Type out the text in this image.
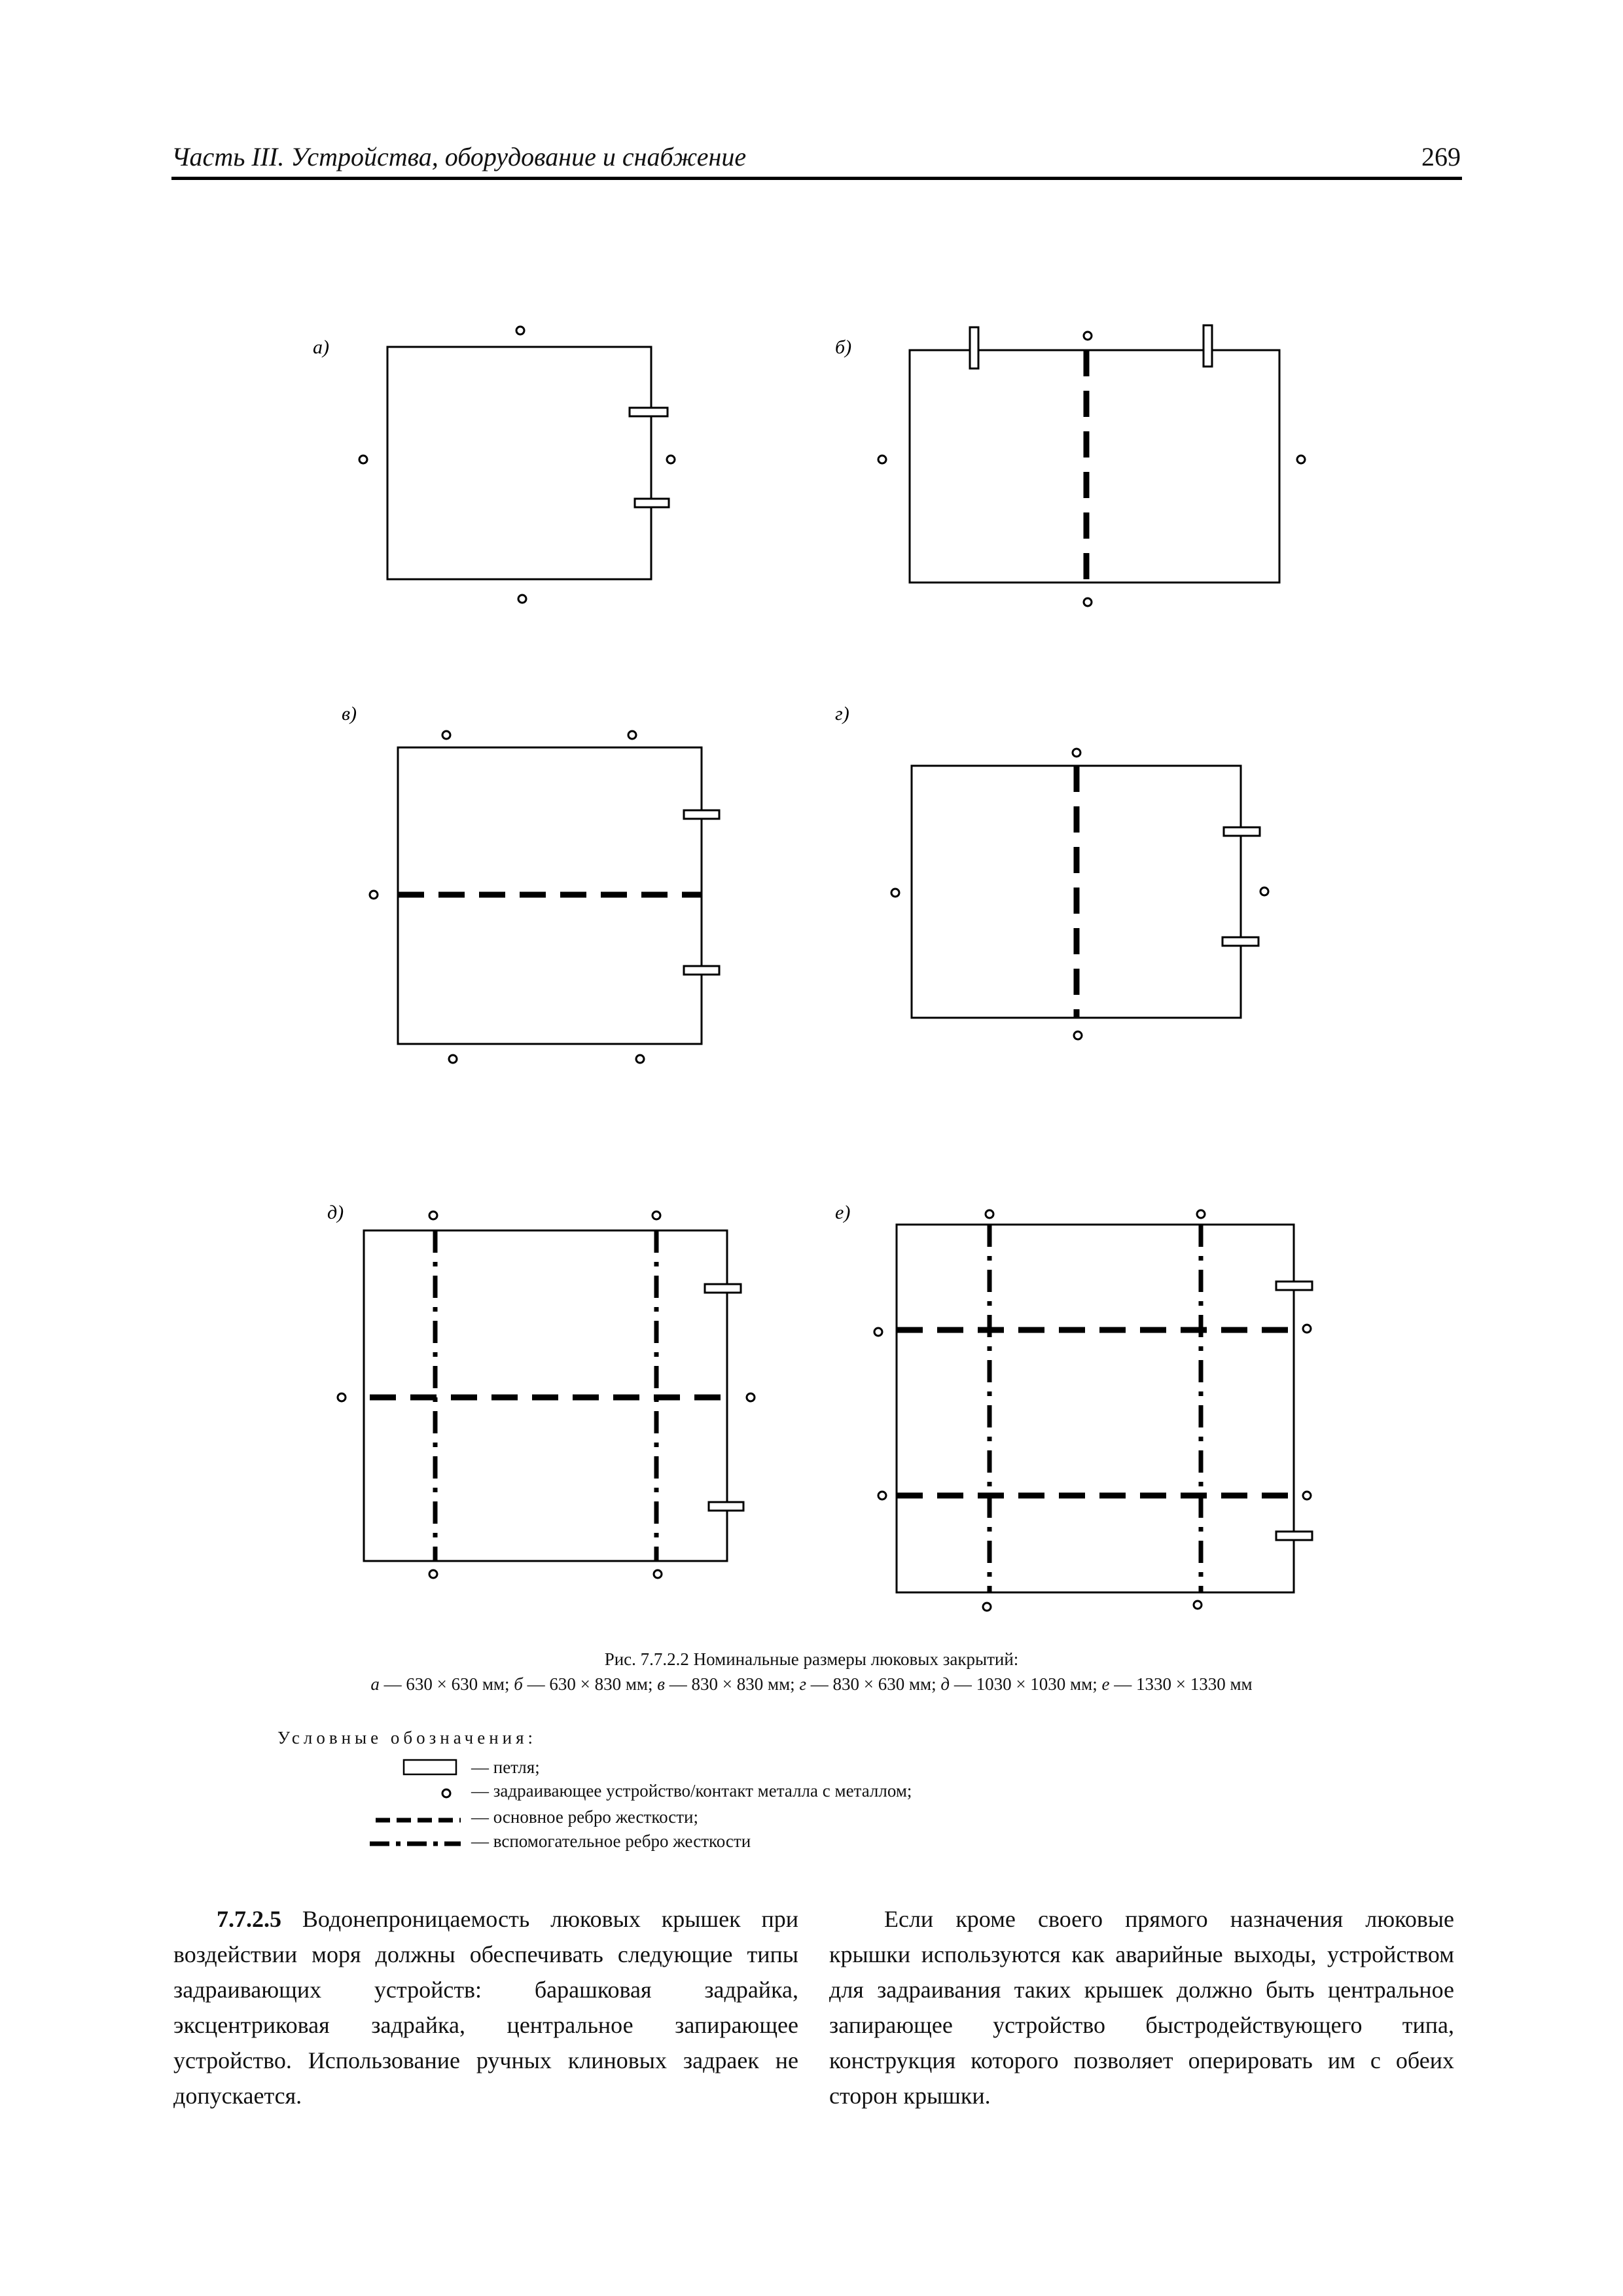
Часть III. Устройства, оборудование и снабжение	269
а)	б)
в)	г)
д)	е)
Рис. 7.7.2.2 Номинальные размеры люковых закрытий:
а — 630 × 630 мм; б — 630 × 830 мм; в — 830 × 830 мм; г — 830 × 630 мм; д — 1030 × 1030 мм; е — 1330 × 1330 мм
Условные обозначения:
— петля;
— задраивающее устройство/контакт металла с металлом;
— основное ребро жесткости;
— вспомогательное ребро жесткости

7.7.2.5 Водонепроницаемость люковых крышек при воздействии моря должны обеспечивать следующие типы задраивающих устройств: барашковая задрайка, эксцентриковая задрайка, центральное запирающее устройство. Использование ручных клиновых задраек не допускается.

Если кроме своего прямого назначения люковые крышки используются как аварийные выходы, устройством для задраивания таких крышек должно быть центральное запирающее устройство быстродействующего типа, конструкция которого позволяет оперировать им с обеих сторон крышки.
